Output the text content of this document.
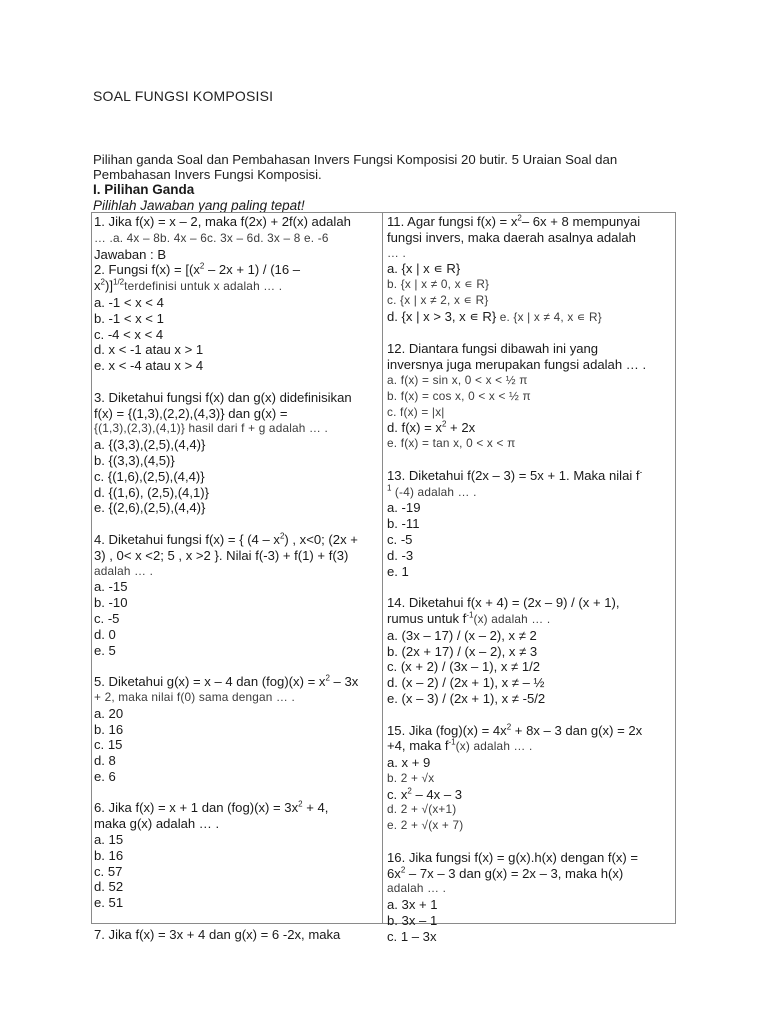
SOAL FUNGSI KOMPOSISI
Pilihan ganda Soal dan Pembahasan Invers Fungsi Komposisi 20 butir. 5 Uraian Soal dan Pembahasan Invers Fungsi Komposisi.
I. Pilihan Ganda
Pilihlah Jawaban yang paling tepat!

1. Jika f(x) = x – 2, maka f(2x) + 2f(x) adalah

… .a. 4x – 8b. 4x – 6c. 3x – 6d. 3x – 8 e. -6

Jawaban : B

2. Fungsi $f(x) = [(x^2 - 2x + 1) / (16$ –

$x^2)]^{1/2}terdefinisi$ untuk x adalah … .

a. -1 < x < 4

b. -1 < x < 1

c. -4 < x < 4

d. x < -1 atau x > 1

e. x < -4 atau x > 4

3. Diketahui fungsi f(x) dan g(x) didefinisikan

f(x) = {(1,3),(2,2),(4,3)} dan g(x) =

{(1,3),(2,3),(4,1)} hasil dari f + g adalah … .

a. {(3,3),(2,5),(4,4)}

b. {(3,3),(4,5)}

c. {(1,6),(2,5),(4,4)}

d. {(1,6), (2,5),(4,1)}

e. {(2,6),(2,5),(4,4)}

4. Diketahui fungsi f(x) = { $(4 - x^2)$ , x<0; (2x +

3) , 0< x <2; 5 , x >2 }. Nilai f(-3) + f(1) + f(3)

adalah … .

a. -15

b. -10

c. -5

d. 0

e. 5

5. Diketahui g(x) = x – 4 dan $(fog)(x) = x^2 - 3x$

+ 2, maka nilai f(0) sama dengan … .

a. 20

b. 16

c. 15

d. 8

e. 6

6. Jika f(x) = x + 1 dan $(fog)(x) = 3x^2 + 4$,

maka g(x) adalah … .

a. 15

b. 16

c. 57

d. 52

e. 51

7. Jika f(x) = 3x + 4 dan g(x) = 6 -2x, maka

11. Agar fungsi $f(x) = x^2-$ 6x + 8 mempunyai

fungsi invers, maka daerah asalnya adalah

… .

a. {x | x ∊ R}

b. {x | x ≠ 0, x ∊ R}

c. {x | x ≠ 2, x ∊ R}

d. {x | x > 3, x ∊ R} e. {x | x ≠ 4, x ∊ R}

12. Diantara fungsi dibawah ini yang

inversnya juga merupakan fungsi adalah … .

a. f(x) = sin x, 0 < x < ½ π

b. f(x) = cos x, 0 < x < ½ π

c. f(x) = |x|

d. $f(x) = x^2 + 2x$

e. f(x) = tan x, 0 < x < π

13. Diketahui f(2x – 3) = 5x + 1. Maka nilai f-

$^1$ (-4) adalah … .

a. -19

b. -11

c. -5

d. -3

e. 1

14. Diketahui f(x + 4) = (2x – 9) / (x + 1),

rumus untuk $f^{-1}(x)$ adalah … .

a. (3x – 17) / (x – 2), x ≠ 2

b. (2x + 17) / (x – 2), x ≠ 3

c. (x + 2) / (3x – 1), x ≠ 1/2

d. (x – 2) / (2x + 1), x ≠ – ½

e. (x – 3) / (2x + 1), x ≠ -5/2

15. Jika $(fog)(x) = 4x^2 + 8x - 3$ dan g(x) = 2x

+4, maka $f^{-1}(x)$ adalah … .

a. x + 9

b. 2 + √x

c. $x^2 - 4x - 3$

d. 2 + √(x+1)

e. 2 + √(x + 7)

16. Jika fungsi f(x) = g(x).h(x) dengan f(x) =

$6x^2 - 7x - 3$ dan g(x) = 2x – 3, maka h(x)

adalah … .

a. 3x + 1

b. 3x – 1

c. 1 – 3x
